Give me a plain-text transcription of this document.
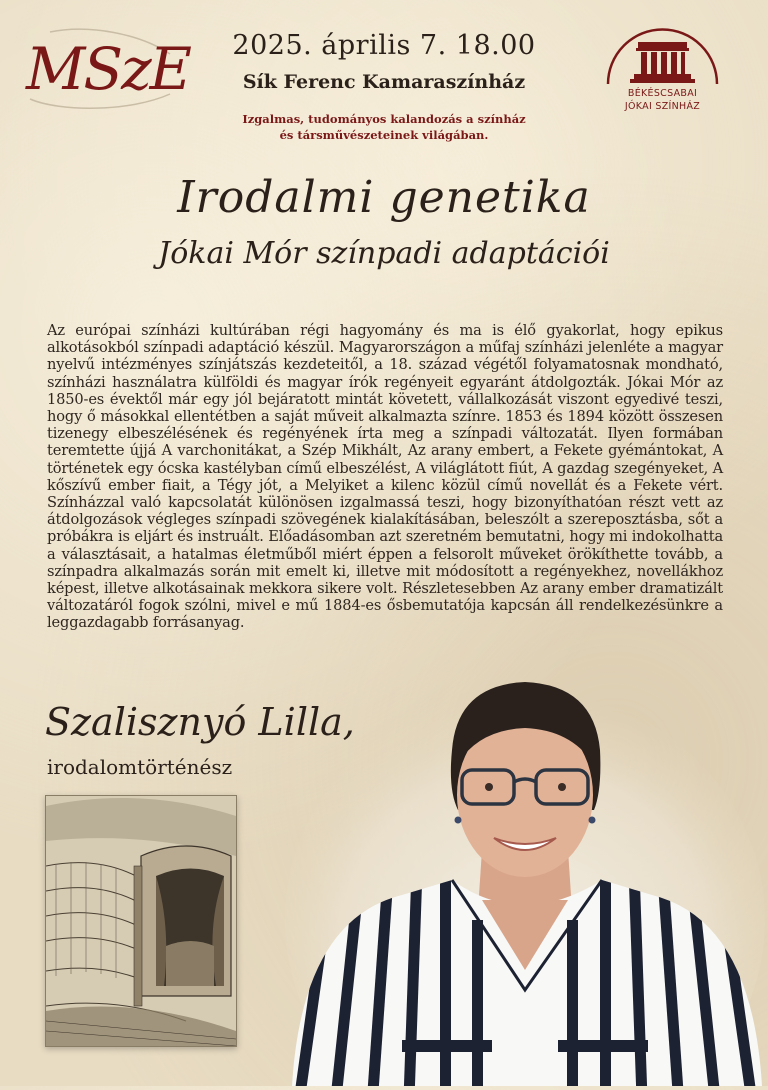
MSzE	2025. április 7. 18.00
Sík Ferenc Kamaraszínház
Izgalmas, tudományos kalandozás a színház
és társművészeteinek világában.
BÉKÉSCSABAI
JÓKAI SZÍNHÁZ
Irodalmi genetika
Jókai Mór színpadi adaptációi
Az európai színházi kultúrában régi hagyomány és ma is élő gyakorlat, hogy epikus alkotásokból színpadi adaptáció készül. Magyarországon a műfaj színházi jelenléte a magyar nyelvű intézményes színjátszás kezdeteitől, a 18. század végétől folyamatosnak mondható, színházi használatra külföldi és magyar írók regényeit egyaránt átdolgozták. Jókai Mór az 1850-es évektől már egy jól bejáratott mintát követett, vállalkozását viszont egyedivé teszi, hogy ő másokkal ellentétben a saját műveit alkalmazta színre. 1853 és 1894 között összesen tizenegy elbeszélésének és regényének írta meg a színpadi változatát. Ilyen formában teremtette újjá A varchonitákat, a Szép Mikhált, Az arany embert, a Fekete gyémántokat, A történetek egy ócska kastélyban című elbeszélést, A világlátott fiút, A gazdag szegényeket, A kőszívű ember fiait, a Tégy jót, a Melyiket a kilenc közül című novellát és a Fekete vért. Színházzal való kapcsolatát különösen izgalmassá teszi, hogy bizonyíthatóan részt vett az átdolgozások végleges színpadi szövegének kialakításában, beleszólt a szereposztásba, sőt a próbákra is eljárt és instruált. Előadásomban azt szeretném bemutatni, hogy mi indokolhatta a választásait, a hatalmas életműből miért éppen a felsorolt műveket örökíthette tovább, a színpadra alkalmazás során mit emelt ki, illetve mit módosított a regényekhez, novellákhoz képest, illetve alkotásainak mekkora sikere volt. Részletesebben Az arany ember dramatizált változatáról fogok szólni, mivel e mű 1884-es ősbemutatója kapcsán áll rendelkezésünkre a leggazdagabb forrásanyag.
Szalisznyó Lilla,
irodalomtörténész
